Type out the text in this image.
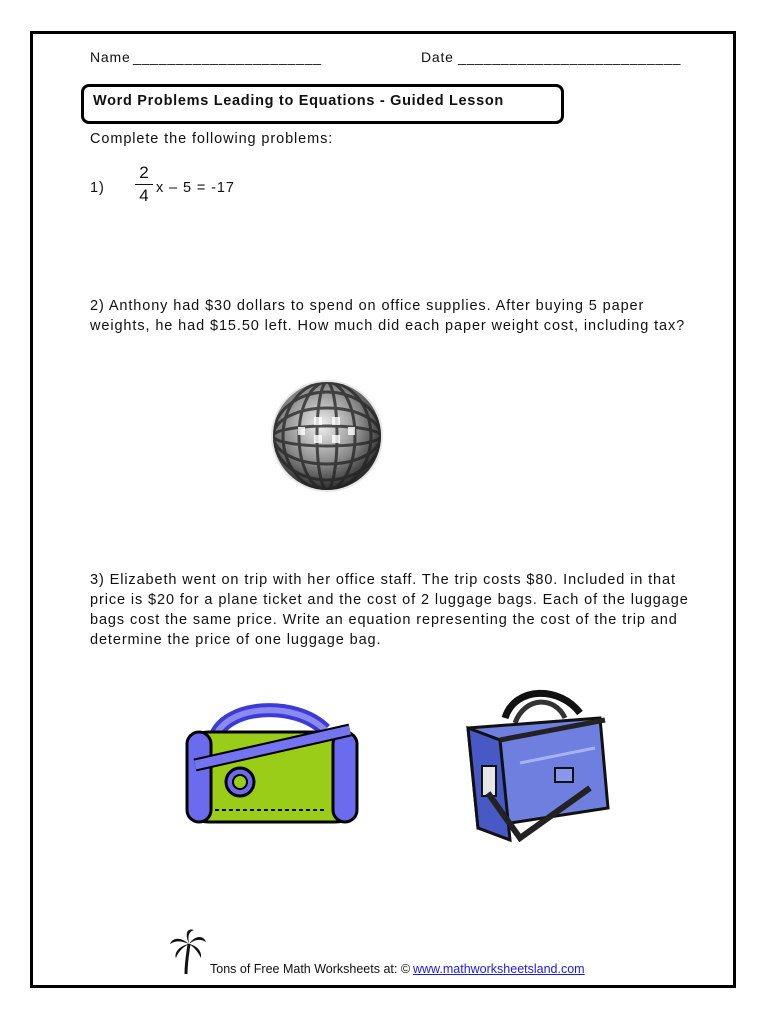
Name ______________________	Date __________________________
Word Problems Leading to Equations - Guided Lesson
Complete the following problems:
1)
2
4 x – 5 = -17
2) Anthony had $30 dollars to spend on office supplies. After buying 5 paper weights, he had $15.50 left. How much did each paper weight cost, including tax?
3) Elizabeth went on trip with her office staff. The trip costs $80. Included in that price is $20 for a plane ticket and the cost of 2 luggage bags. Each of the luggage bags cost the same price. Write an equation representing the cost of the trip and determine the price of one luggage bag.
Tons of Free Math Worksheets at: © www.mathworksheetsland.com
